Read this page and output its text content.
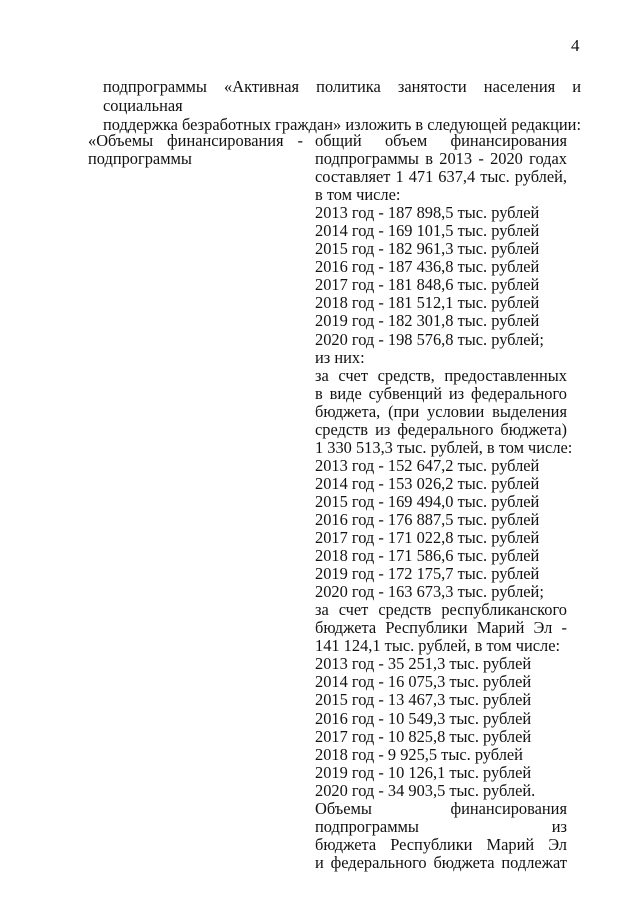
4
подпрограммы «Активная политика занятости населения и социальная
поддержка безработных граждан» изложить в следующей редакции:
«Объемы финансирования -
подпрограммы
общий объем финансирования
подпрограммы в 2013 - 2020 годах
составляет 1 471 637,4 тыс. рублей,
в том числе:
2013 год - 187 898,5 тыс. рублей
2014 год - 169 101,5 тыс. рублей
2015 год - 182 961,3 тыс. рублей
2016 год - 187 436,8 тыс. рублей
2017 год - 181 848,6 тыс. рублей
2018 год - 181 512,1 тыс. рублей
2019 год - 182 301,8 тыс. рублей
2020 год - 198 576,8 тыс. рублей;
из них:
за счет средств, предоставленных
в виде субвенций из федерального
бюджета, (при условии выделения
средств из федерального бюджета)
1 330 513,3 тыс. рублей, в том числе:
2013 год - 152 647,2 тыс. рублей
2014 год - 153 026,2 тыс. рублей
2015 год - 169 494,0 тыс. рублей
2016 год - 176 887,5 тыс. рублей
2017 год - 171 022,8 тыс. рублей
2018 год - 171 586,6 тыс. рублей
2019 год - 172 175,7 тыс. рублей
2020 год - 163 673,3 тыс. рублей;
за счет средств республиканского
бюджета Республики Марий Эл -
141 124,1 тыс. рублей, в том числе:
2013 год - 35 251,3 тыс. рублей
2014 год - 16 075,3 тыс. рублей
2015 год - 13 467,3 тыс. рублей
2016 год - 10 549,3 тыс. рублей
2017 год - 10 825,8 тыс. рублей
2018 год - 9 925,5 тыс. рублей
2019 год - 10 126,1 тыс. рублей
2020 год - 34 903,5 тыс. рублей.
Объемы финансирования
подпрограммы из
бюджета Республики Марий Эл
и федерального бюджета подлежат
